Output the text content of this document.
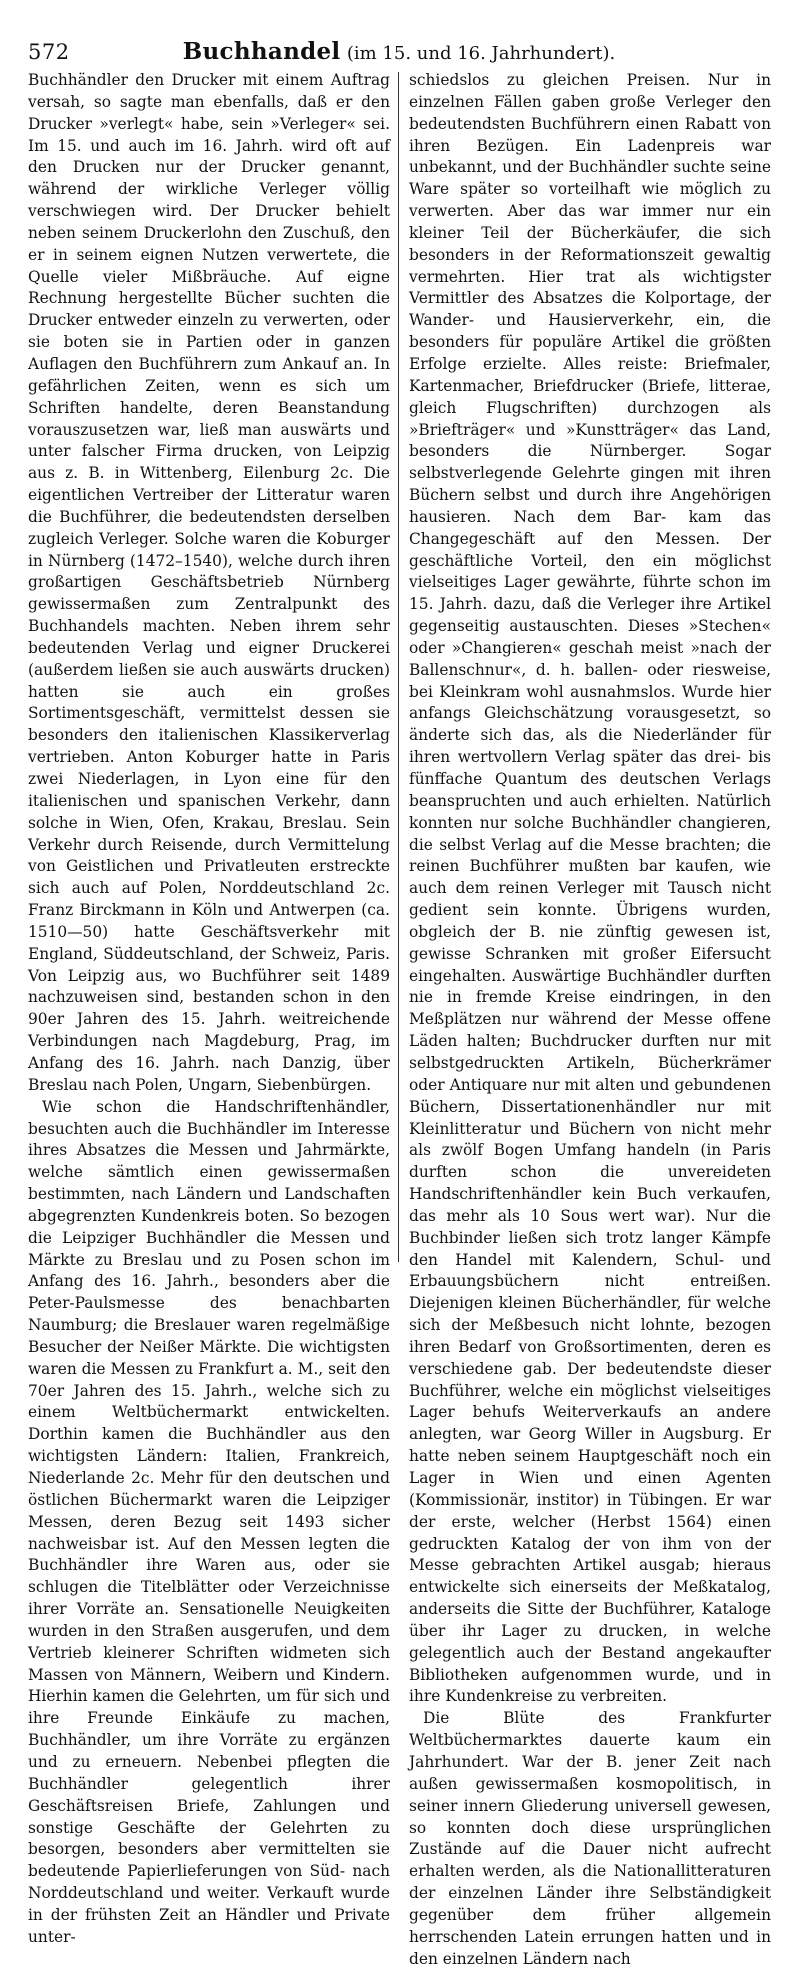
572	Buchhandel (im 15. und 16. Jahrhundert).

Buchhändler den Drucker mit einem Auftrag versah, so sagte man ebenfalls, daß er den Drucker »verlegt« habe, sein »Verleger« sei. Im 15. und auch im 16. Jahrh. wird oft auf den Drucken nur der Drucker genannt, während der wirkliche Verleger völlig verschwiegen wird. Der Drucker behielt neben seinem Druckerlohn den Zuschuß, den er in seinem eignen Nutzen verwertete, die Quelle vieler Mißbräuche. Auf eigne Rechnung hergestellte Bücher suchten die Drucker entweder einzeln zu verwerten, oder sie boten sie in Partien oder in ganzen Auflagen den Buchführern zum Ankauf an. In gefährlichen Zeiten, wenn es sich um Schriften handelte, deren Beanstandung vorauszusetzen war, ließ man auswärts und unter falscher Firma drucken, von Leipzig aus z. B. in Wittenberg, Eilenburg 2c. Die eigentlichen Vertreiber der Litteratur waren die Buchführer, die bedeutendsten derselben zugleich Verleger. Solche waren die Koburger in Nürnberg (1472–1540), welche durch ihren großartigen Geschäftsbetrieb Nürnberg gewissermaßen zum Zentralpunkt des Buchhandels machten. Neben ihrem sehr bedeutenden Verlag und eigner Druckerei (außerdem ließen sie auch auswärts drucken) hatten sie auch ein großes Sortimentsgeschäft, vermittelst dessen sie besonders den italienischen Klassikerverlag vertrieben. Anton Koburger hatte in Paris zwei Niederlagen, in Lyon eine für den italienischen und spanischen Verkehr, dann solche in Wien, Ofen, Krakau, Breslau. Sein Verkehr durch Reisende, durch Vermittelung von Geistlichen und Privatleuten erstreckte sich auch auf Polen, Norddeutschland 2c. Franz Birckmann in Köln und Antwerpen (ca. 1510—50) hatte Geschäftsverkehr mit England, Süddeutschland, der Schweiz, Paris. Von Leipzig aus, wo Buchführer seit 1489 nachzuweisen sind, bestanden schon in den 90er Jahren des 15. Jahrh. weitreichende Verbindungen nach Magdeburg, Prag, im Anfang des 16. Jahrh. nach Danzig, über Breslau nach Polen, Ungarn, Siebenbürgen.

Wie schon die Handschriftenhändler, besuchten auch die Buchhändler im Interesse ihres Absatzes die Messen und Jahrmärkte, welche sämtlich einen gewissermaßen bestimmten, nach Ländern und Landschaften abgegrenzten Kundenkreis boten. So bezogen die Leipziger Buchhändler die Messen und Märkte zu Breslau und zu Posen schon im Anfang des 16. Jahrh., besonders aber die Peter-Paulsmesse des benachbarten Naumburg; die Breslauer waren regelmäßige Besucher der Neißer Märkte. Die wichtigsten waren die Messen zu Frankfurt a. M., seit den 70er Jahren des 15. Jahrh., welche sich zu einem Weltbüchermarkt entwickelten. Dorthin kamen die Buchhändler aus den wichtigsten Ländern: Italien, Frankreich, Niederlande 2c. Mehr für den deutschen und östlichen Büchermarkt waren die Leipziger Messen, deren Bezug seit 1493 sicher nachweisbar ist. Auf den Messen legten die Buchhändler ihre Waren aus, oder sie schlugen die Titelblätter oder Verzeichnisse ihrer Vorräte an. Sensationelle Neuigkeiten wurden in den Straßen ausgerufen, und dem Vertrieb kleinerer Schriften widmeten sich Massen von Männern, Weibern und Kindern. Hierhin kamen die Gelehrten, um für sich und ihre Freunde Einkäufe zu machen, Buchhändler, um ihre Vorräte zu ergänzen und zu erneuern. Nebenbei pflegten die Buchhändler gelegentlich ihrer Geschäftsreisen Briefe, Zahlungen und sonstige Geschäfte der Gelehrten zu besorgen, besonders aber vermittelten sie bedeutende Papierlieferungen von Süd- nach Norddeutschland und weiter. Verkauft wurde in der frühsten Zeit an Händler und Private unter-

schiedslos zu gleichen Preisen. Nur in einzelnen Fällen gaben große Verleger den bedeutendsten Buchführern einen Rabatt von ihren Bezügen. Ein Ladenpreis war unbekannt, und der Buchhändler suchte seine Ware später so vorteilhaft wie möglich zu verwerten. Aber das war immer nur ein kleiner Teil der Bücherkäufer, die sich besonders in der Reformationszeit gewaltig vermehrten. Hier trat als wichtigster Vermittler des Absatzes die Kolportage, der Wander- und Hausierverkehr, ein, die besonders für populäre Artikel die größten Erfolge erzielte. Alles reiste: Briefmaler, Kartenmacher, Briefdrucker (Briefe, litterae, gleich Flugschriften) durchzogen als »Briefträger« und »Kunstträger« das Land, besonders die Nürnberger. Sogar selbstverlegende Gelehrte gingen mit ihren Büchern selbst und durch ihre Angehörigen hausieren. Nach dem Bar- kam das Changegeschäft auf den Messen. Der geschäftliche Vorteil, den ein möglichst vielseitiges Lager gewährte, führte schon im 15. Jahrh. dazu, daß die Verleger ihre Artikel gegenseitig austauschten. Dieses »Stechen« oder »Changieren« geschah meist »nach der Ballenschnur«, d. h. ballen- oder riesweise, bei Kleinkram wohl ausnahmslos. Wurde hier anfangs Gleichschätzung vorausgesetzt, so änderte sich das, als die Niederländer für ihren wertvollern Verlag später das drei- bis fünffache Quantum des deutschen Verlags beanspruchten und auch erhielten. Natürlich konnten nur solche Buchhändler changieren, die selbst Verlag auf die Messe brachten; die reinen Buchführer mußten bar kaufen, wie auch dem reinen Verleger mit Tausch nicht gedient sein konnte. Übrigens wurden, obgleich der B. nie zünftig gewesen ist, gewisse Schranken mit großer Eifersucht eingehalten. Auswärtige Buchhändler durften nie in fremde Kreise eindringen, in den Meßplätzen nur während der Messe offene Läden halten; Buchdrucker durften nur mit selbstgedruckten Artikeln, Bücherkrämer oder Antiquare nur mit alten und gebundenen Büchern, Dissertationenhändler nur mit Kleinlitteratur und Büchern von nicht mehr als zwölf Bogen Umfang handeln (in Paris durften schon die unvereideten Handschriftenhändler kein Buch verkaufen, das mehr als 10 Sous wert war). Nur die Buchbinder ließen sich trotz langer Kämpfe den Handel mit Kalendern, Schul- und Erbauungsbüchern nicht entreißen. Diejenigen kleinen Bücherhändler, für welche sich der Meßbesuch nicht lohnte, bezogen ihren Bedarf von Großsortimenten, deren es verschiedene gab. Der bedeutendste dieser Buchführer, welche ein möglichst vielseitiges Lager behufs Weiterverkaufs an andere anlegten, war Georg Willer in Augsburg. Er hatte neben seinem Hauptgeschäft noch ein Lager in Wien und einen Agenten (Kommissionär, institor) in Tübingen. Er war der erste, welcher (Herbst 1564) einen gedruckten Katalog der von ihm von der Messe gebrachten Artikel ausgab; hieraus entwickelte sich einerseits der Meßkatalog, anderseits die Sitte der Buchführer, Kataloge über ihr Lager zu drucken, in welche gelegentlich auch der Bestand angekaufter Bibliotheken aufgenommen wurde, und in ihre Kundenkreise zu verbreiten.

Die Blüte des Frankfurter Weltbüchermarktes dauerte kaum ein Jahrhundert. War der B. jener Zeit nach außen gewissermaßen kosmopolitisch, in seiner innern Gliederung universell gewesen, so konnten doch diese ursprünglichen Zustände auf die Dauer nicht aufrecht erhalten werden, als die Nationallitteraturen der einzelnen Länder ihre Selbständigkeit gegenüber dem früher allgemein herrschenden Latein errungen hatten und in den einzelnen Ländern nach
